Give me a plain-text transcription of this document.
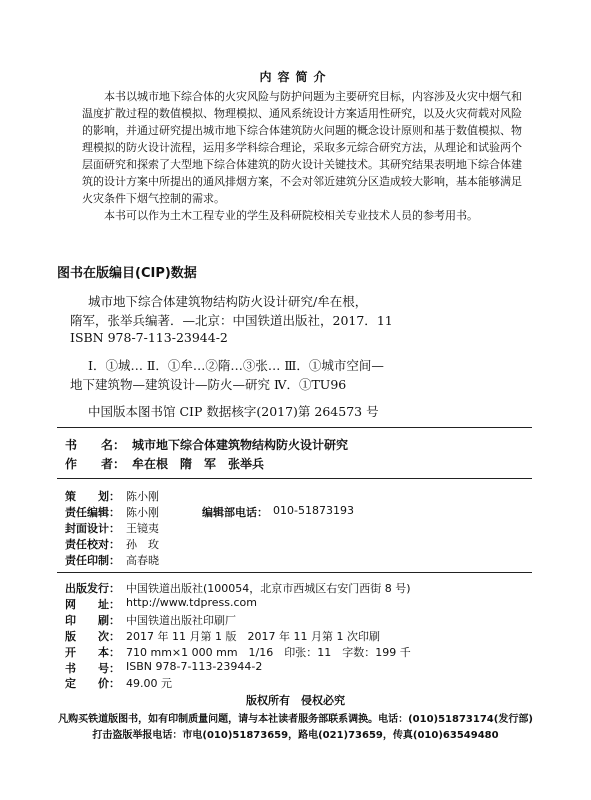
内容简介

本书以城市地下综合体的火灾风险与防护问题为主要研究目标，内容涉及火灾中烟气和温度扩散过程的数值模拟、物理模拟、通风系统设计方案适用性研究，以及火灾荷载对风险的影响，并通过研究提出城市地下综合体建筑防火问题的概念设计原则和基于数值模拟、物理模拟的防火设计流程，运用多学科综合理论，采取多元综合研究方法，从理论和试验两个层面研究和探索了大型地下综合体建筑的防火设计关键技术。其研究结果表明地下综合体建筑的设计方案中所提出的通风排烟方案，不会对邻近建筑分区造成较大影响，基本能够满足火灾条件下烟气控制的需求。

本书可以作为土木工程专业的学生及科研院校相关专业技术人员的参考用书。

图书在版编目(CIP)数据
城市地下综合体建筑物结构防火设计研究/牟在根，
隋军，张举兵编著．—北京：中国铁道出版社，2017．11
ISBN 978-7-113-23944-2
Ⅰ．①城… Ⅱ．①牟…②隋…③张… Ⅲ．①城市空间—
地下建筑物—建筑设计—防火—研究 Ⅳ．①TU96
中国版本图书馆 CIP 数据核字(2017)第 264573 号
书　　名： 城市地下综合体建筑物结构防火设计研究
作　　者： 牟在根　隋　军　张举兵
策　　划： 陈小刚
责任编辑： 陈小刚	编辑部电话： 010-51873193
封面设计： 王镜夷
责任校对： 孙　玫
责任印制： 高春晓
出版发行： 中国铁道出版社(100054，北京市西城区右安门西街 8 号)
网　　址： http://www.tdpress.com
印　　刷： 中国铁道出版社印刷厂
版　　次： 2017 年 11 月第 1 版　2017 年 11 月第 1 次印刷
开　　本： 710 mm×1 000 mm　1/16　印张：11　字数：199 千
书　　号： ISBN 978-7-113-23944-2
定　　价： 49.00 元
版权所有　侵权必究
凡购买铁道版图书，如有印制质量问题，请与本社读者服务部联系调换。电话：(010)51873174(发行部)
打击盗版举报电话：市电(010)51873659，路电(021)73659，传真(010)63549480
